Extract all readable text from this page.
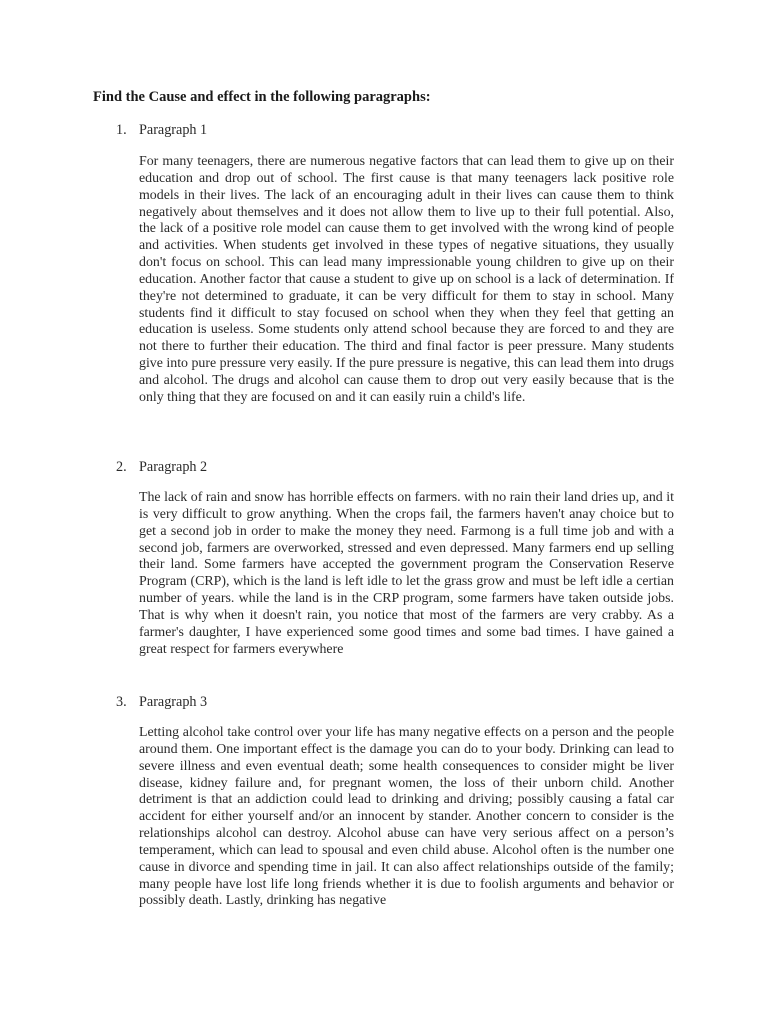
Find the Cause and effect in the following paragraphs:
1. Paragraph 1

For many teenagers, there are numerous negative factors that can lead them to give up on their education and drop out of school. The first cause is that many teenagers lack positive role models in their lives. The lack of an encouraging adult in their lives can cause them to think negatively about themselves and it does not allow them to live up to their full potential. Also, the lack of a positive role model can cause them to get involved with the wrong kind of people and activities. When students get involved in these types of negative situations, they usually don't focus on school. This can lead many impressionable young children to give up on their education. Another factor that cause a student to give up on school is a lack of determination. If they're not determined to graduate, it can be very difficult for them to stay in school. Many students find it difficult to stay focused on school when they when they feel that getting an education is useless. Some students only attend school because they are forced to and they are not there to further their education. The third and final factor is peer pressure. Many students give into pure pressure very easily. If the pure pressure is negative, this can lead them into drugs and alcohol. The drugs and alcohol can cause them to drop out very easily because that is the only thing that they are focused on and it can easily ruin a child's life.

2. Paragraph 2

The lack of rain and snow has horrible effects on farmers. with no rain their land dries up, and it is very difficult to grow anything. When the crops fail, the farmers haven't anay choice but to get a second job in order to make the money they need. Farmong is a full time job and with a second job, farmers are overworked, stressed and even depressed. Many farmers end up selling their land. Some farmers have accepted the government program the Conservation Reserve Program (CRP), which is the land is left idle to let the grass grow and must be left idle a certian number of years. while the land is in the CRP program, some farmers have taken outside jobs. That is why when it doesn't rain, you notice that most of the farmers are very crabby. As a farmer's daughter, I have experienced some good times and some bad times. I have gained a great respect for farmers everywhere

3. Paragraph 3

Letting alcohol take control over your life has many negative effects on a person and the people around them. One important effect is the damage you can do to your body. Drinking can lead to severe illness and even eventual death; some health consequences to consider might be liver disease, kidney failure and, for pregnant women, the loss of their unborn child. Another detriment is that an addiction could lead to drinking and driving; possibly causing a fatal car accident for either yourself and/or an innocent by stander. Another concern to consider is the relationships alcohol can destroy. Alcohol abuse can have very serious affect on a person’s temperament, which can lead to spousal and even child abuse. Alcohol often is the number one cause in divorce and spending time in jail. It can also affect relationships outside of the family; many people have lost life long friends whether it is due to foolish arguments and behavior or possibly death. Lastly, drinking has negative
